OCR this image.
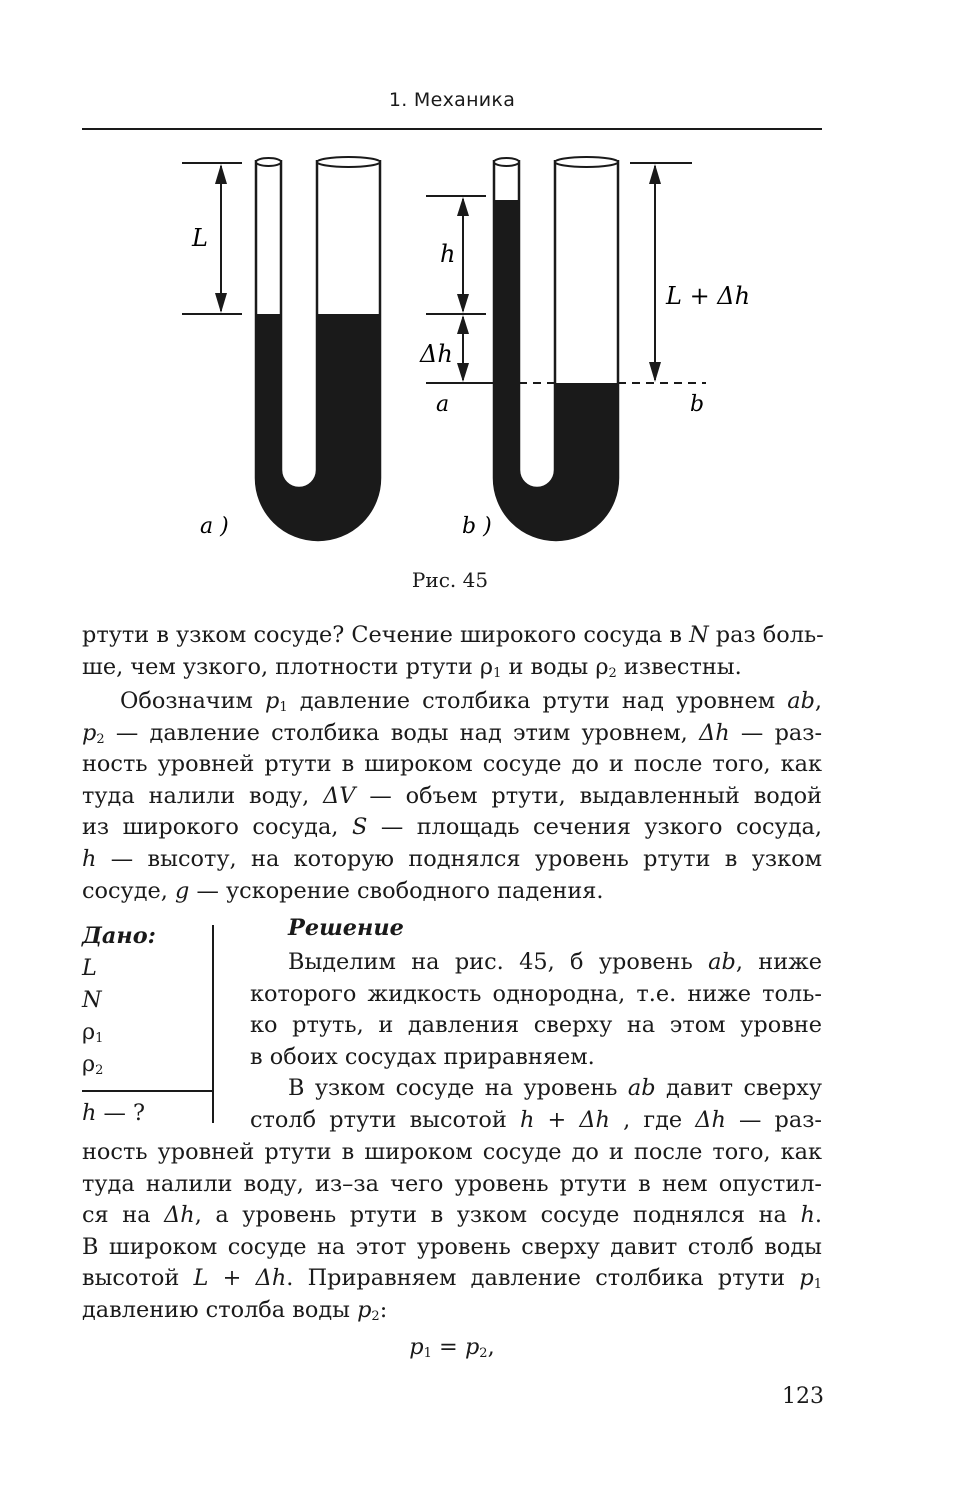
1. Механика
L
a )
h
Δh
L + Δh
a	b
b )
Рис. 45

ртути в узком сосуде? Сечение широкого сосуда в N раз боль-
ше, чем узкого, плотности ртути $\rho_1$ и воды $\rho_2$ известны.

Обозначим $p_1$ давление столбика ртути над уровнем ab,
$p_2$ — давление столбика воды над этим уровнем, Δh — раз-
ность уровней ртути в широком сосуде до и после того, как
туда налили воду, ΔV — объем ртути, выдавленный водой
из широкого сосуда, S — площадь сечения узкого сосуда,
h — высоту, на которую поднялся уровень ртути в узком
сосуде, g — ускорение свободного падения.

Дано:
L
N
$\rho_1$
$\rho_2$
h — ?
Решение

Выделим на рис. 45, б уровень ab, ниже
которого жидкость однородна, т.е. ниже толь-
ко ртуть, и давления сверху на этом уровне
в обоих сосудах приравняем.
В узком сосуде на уровень ab давит сверху
столб ртути высотой h + Δh , где Δh — раз-

ность уровней ртути в широком сосуде до и после того, как
туда налили воду, из–за чего уровень ртути в нем опустил-
ся на Δh, а уровень ртути в узком сосуде поднялся на h.
В широком сосуде на этот уровень сверху давит столб воды
высотой L + Δh. Приравняем давление столбика ртути $p_1$
давлению столба воды $p_2$:

$p_1 = p_2$,
123
